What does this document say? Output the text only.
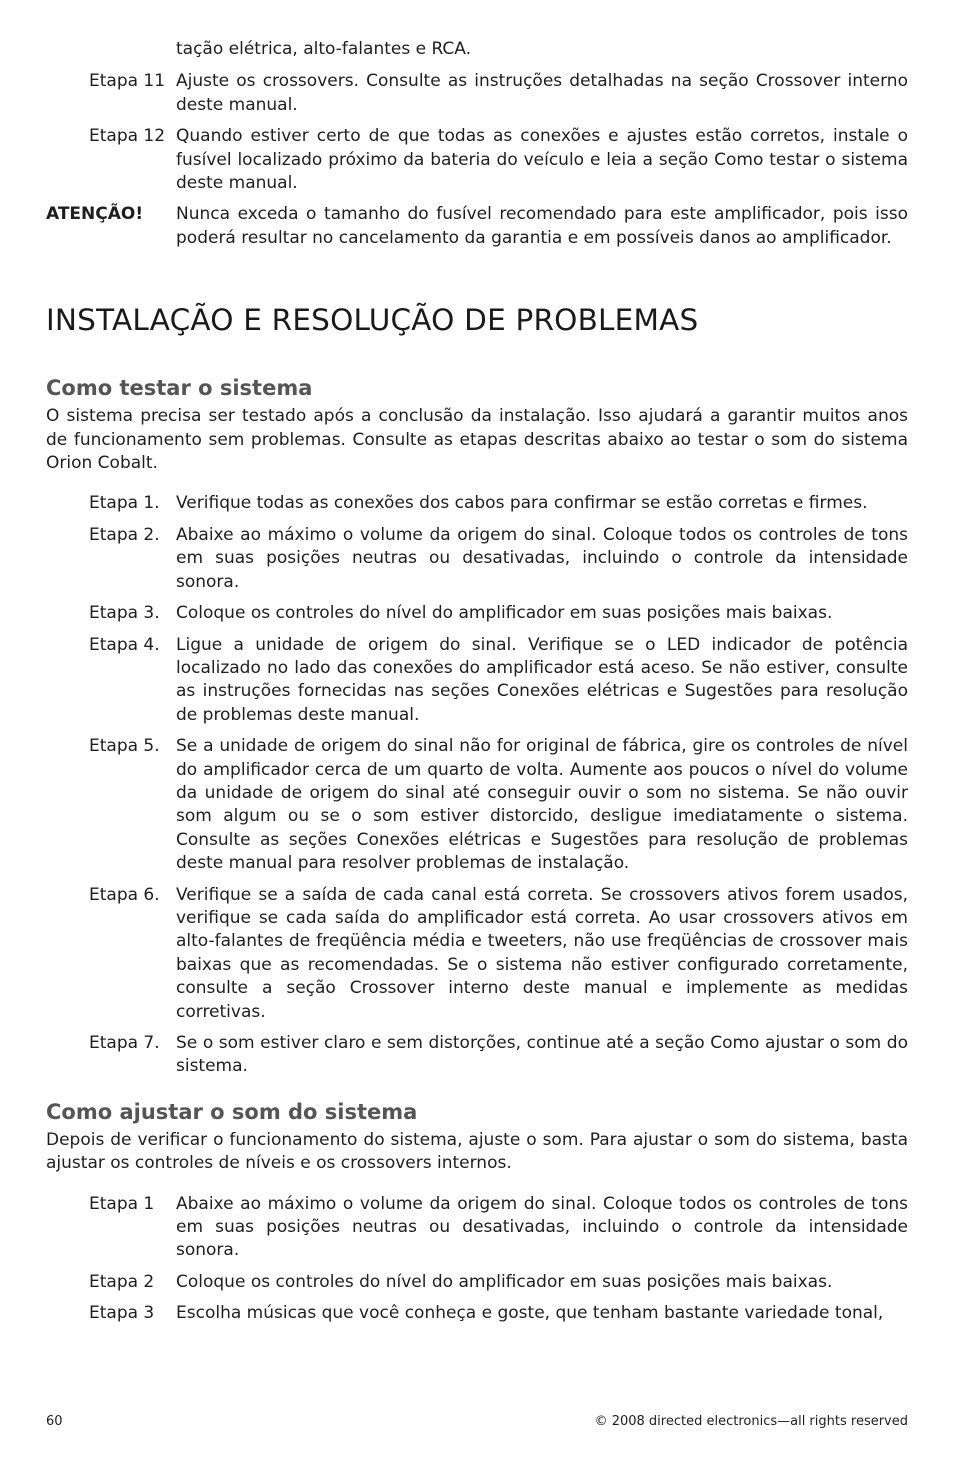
tação elétrica, alto-falantes e RCA.
Etapa 11 Ajuste os crossovers. Consulte as instruções detalhadas na seção Crossover interno deste manual.
Etapa 12 Quando estiver certo de que todas as conexões e ajustes estão corretos, instale o fusível localizado próximo da bateria do veículo e leia a seção Como testar o sistema deste manual.
ATENÇÃO! Nunca exceda o tamanho do fusível recomendado para este amplificador, pois isso poderá resultar no cancelamento da garantia e em possíveis danos ao amplificador.
INSTALAÇÃO E RESOLUÇÃO DE PROBLEMAS
Como testar o sistema

O sistema precisa ser testado após a conclusão da instalação. Isso ajudará a garantir muitos anos de funcionamento sem problemas. Consulte as etapas descritas abaixo ao testar o som do sistema Orion Cobalt.

Etapa 1. Verifique todas as conexões dos cabos para confirmar se estão corretas e firmes.
Etapa 2. Abaixe ao máximo o volume da origem do sinal. Coloque todos os controles de tons em suas posições neutras ou desativadas, incluindo o controle da intensidade sonora.
Etapa 3. Coloque os controles do nível do amplificador em suas posições mais baixas.
Etapa 4. Ligue a unidade de origem do sinal. Verifique se o LED indicador de potência localizado no lado das conexões do amplificador está aceso. Se não estiver, consulte as instruções fornecidas nas seções Conexões elétricas e Sugestões para resolução de problemas deste manual.
Etapa 5. Se a unidade de origem do sinal não for original de fábrica, gire os controles de nível do amplificador cerca de um quarto de volta. Aumente aos poucos o nível do volume da unidade de origem do sinal até conseguir ouvir o som no sistema. Se não ouvir som algum ou se o som estiver distorcido, desligue imediatamente o sistema. Consulte as seções Conexões elétricas e Sugestões para resolução de problemas deste manual para resolver problemas de instalação.
Etapa 6. Verifique se a saída de cada canal está correta. Se crossovers ativos forem usados, verifique se cada saída do amplificador está correta. Ao usar crossovers ativos em alto-falantes de freqüência média e tweeters, não use freqüências de crossover mais baixas que as recomendadas. Se o sistema não estiver configurado corretamente, consulte a seção Crossover interno deste manual e implemente as medidas corretivas.
Etapa 7. Se o som estiver claro e sem distorções, continue até a seção Como ajustar o som do sistema.
Como ajustar o som do sistema

Depois de verificar o funcionamento do sistema, ajuste o som. Para ajustar o som do sistema, basta ajustar os controles de níveis e os crossovers internos.

Etapa 1 Abaixe ao máximo o volume da origem do sinal. Coloque todos os controles de tons em suas posições neutras ou desativadas, incluindo o controle da intensidade sonora.
Etapa 2 Coloque os controles do nível do amplificador em suas posições mais baixas.
Etapa 3 Escolha músicas que você conheça e goste, que tenham bastante variedade tonal,
60	© 2008 directed electronics—all rights reserved
